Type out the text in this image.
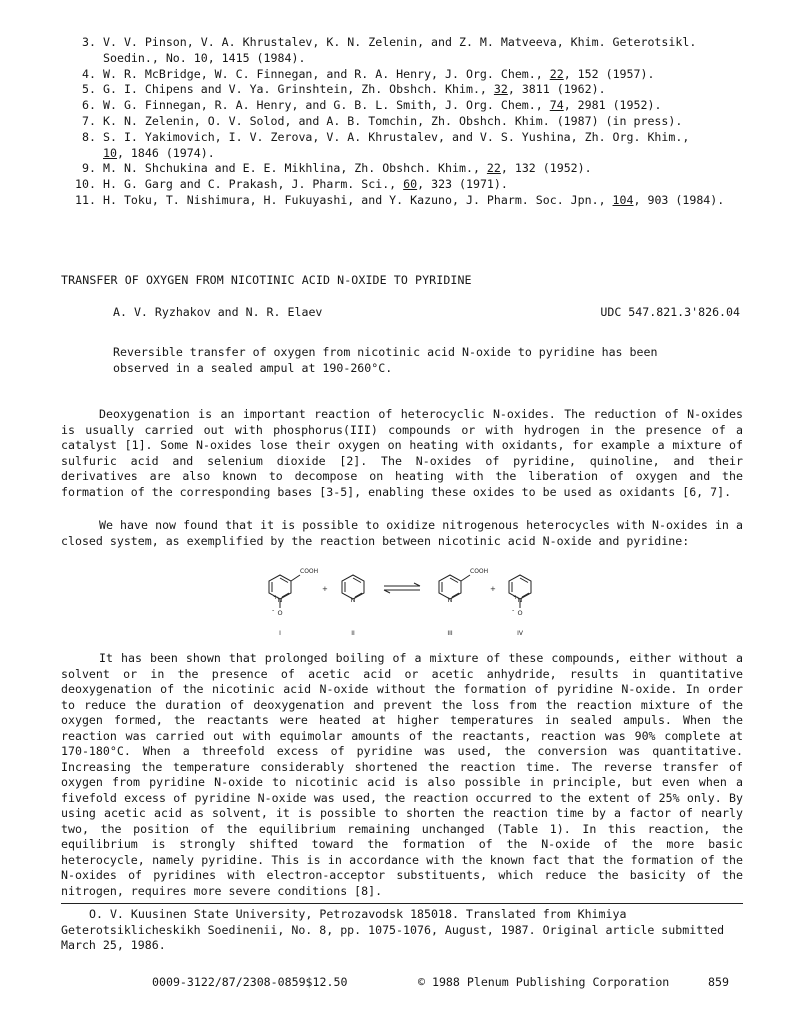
3. V. V. Pinson, V. A. Khrustalev, K. N. Zelenin, and Z. M. Matveeva, Khim. Geterotsikl.
Soedin., No. 10, 1415 (1984).
4. W. R. McBridge, W. C. Finnegan, and R. A. Henry, J. Org. Chem., 22, 152 (1957).
5. G. I. Chipens and V. Ya. Grinshtein, Zh. Obshch. Khim., 32, 3811 (1962).
6. W. G. Finnegan, R. A. Henry, and G. B. L. Smith, J. Org. Chem., 74, 2981 (1952).
7. K. N. Zelenin, O. V. Solod, and A. B. Tomchin, Zh. Obshch. Khim. (1987) (in press).
8. S. I. Yakimovich, I. V. Zerova, V. A. Khrustalev, and V. S. Yushina, Zh. Org. Khim.,
10, 1846 (1974).
9. M. N. Shchukina and E. E. Mikhlina, Zh. Obshch. Khim., 22, 132 (1952).
10. H. G. Garg and C. Prakash, J. Pharm. Sci., 60, 323 (1971).
11. H. Toku, T. Nishimura, H. Fukuyashi, and Y. Kazuno, J. Pharm. Soc. Jpn., 104, 903 (1984).
TRANSFER OF OXYGEN FROM NICOTINIC ACID N-OXIDE TO PYRIDINE
A. V. Ryzhakov and N. R. Elaev	UDC 547.821.3'826.04
Reversible transfer of oxygen from nicotinic acid N-oxide to pyridine has been observed in a sealed ampul at 190-260°C.
Deoxygenation is an important reaction of heterocyclic N-oxides. The reduction of N-oxides is usually carried out with phosphorus(III) compounds or with hydrogen in the presence of a catalyst [1]. Some N-oxides lose their oxygen on heating with oxidants, for example a mixture of sulfuric acid and selenium dioxide [2]. The N-oxides of pyridine, quinoline, and their derivatives are also known to decompose on heating with the liberation of oxygen and the formation of the corresponding bases [3-5], enabling these oxides to be used as oxidants [6, 7].
We have now found that it is possible to oxidize nitrogenous heterocycles with N-oxides in a closed system, as exemplified by the reaction between nicotinic acid N-oxide and pyridine:
COOH
N
+
O
-
I
+
N
II
COOH
N
III
+
N
+
O
-
IV
It has been shown that prolonged boiling of a mixture of these compounds, either without a solvent or in the presence of acetic acid or acetic anhydride, results in quantitative deoxygenation of the nicotinic acid N-oxide without the formation of pyridine N-oxide. In order to reduce the duration of deoxygenation and prevent the loss from the reaction mixture of the oxygen formed, the reactants were heated at higher temperatures in sealed ampuls. When the reaction was carried out with equimolar amounts of the reactants, reaction was 90% complete at 170-180°C. When a threefold excess of pyridine was used, the conversion was quantitative. Increasing the temperature considerably shortened the reaction time. The reverse transfer of oxygen from pyridine N-oxide to nicotinic acid is also possible in principle, but even when a fivefold excess of pyridine N-oxide was used, the reaction occurred to the extent of 25% only. By using acetic acid as solvent, it is possible to shorten the reaction time by a factor of nearly two, the position of the equilibrium remaining unchanged (Table 1). In this reaction, the equilibrium is strongly shifted toward the formation of the N-oxide of the more basic heterocycle, namely pyridine. This is in accordance with the known fact that the formation of the N-oxides of pyridines with electron-acceptor substituents, which reduce the basicity of the nitrogen, requires more severe conditions [8].
O. V. Kuusinen State University, Petrozavodsk 185018. Translated from Khimiya Geterotsiklicheskikh Soedinenii, No. 8, pp. 1075-1076, August, 1987. Original article submitted March 25, 1986.
0009-3122/87/2308-0859$12.50	© 1988 Plenum Publishing Corporation	859
